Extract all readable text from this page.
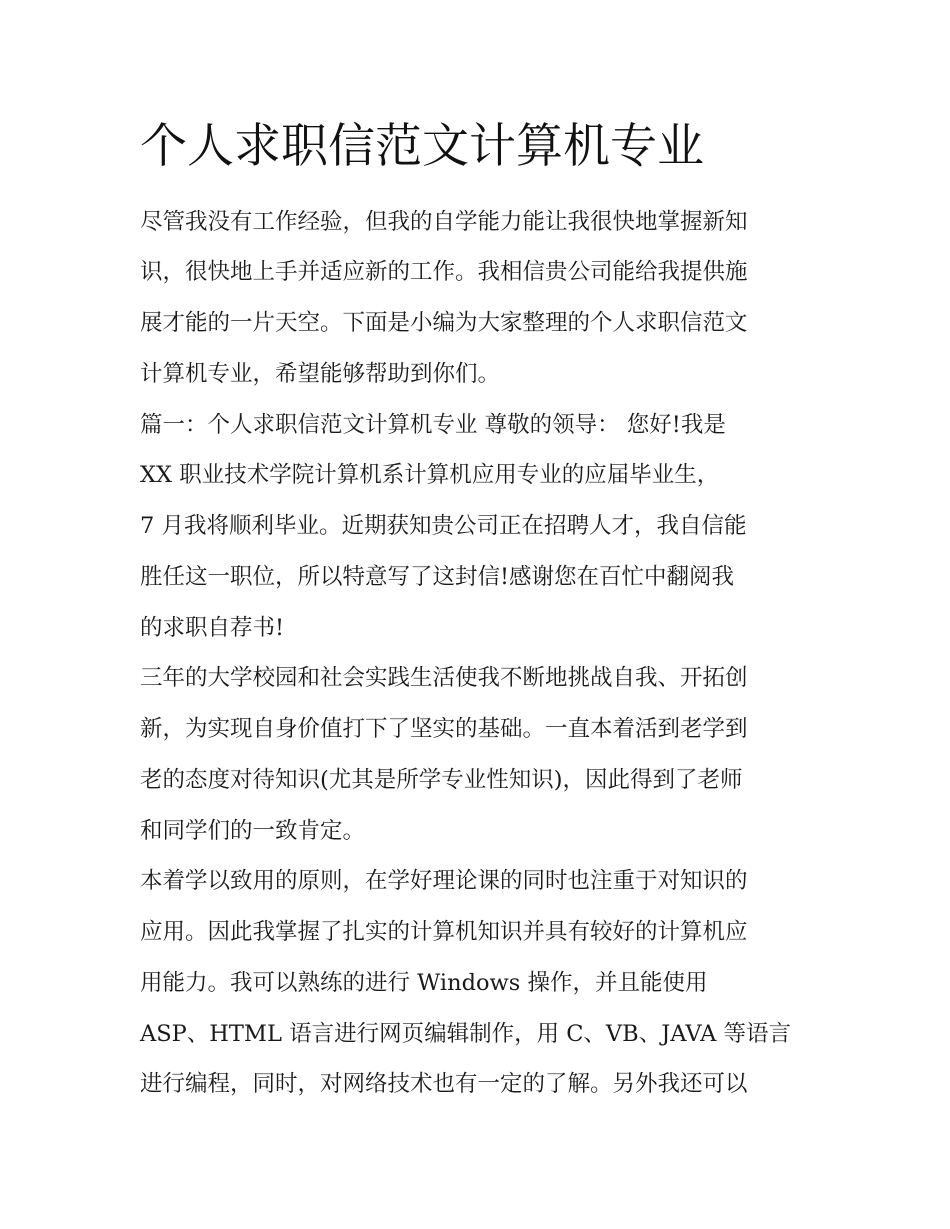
个人求职信范文计算机专业

尽管我没有工作经验，但我的自学能力能让我很快地掌握新知

识，很快地上手并适应新的工作。我相信贵公司能给我提供施

展才能的一片天空。下面是小编为大家整理的个人求职信范文

计算机专业，希望能够帮助到你们。

篇一：个人求职信范文计算机专业 尊敬的领导： 您好!我是

XX 职业技术学院计算机系计算机应用专业的应届毕业生，

7 月我将顺利毕业。近期获知贵公司正在招聘人才，我自信能

胜任这一职位，所以特意写了这封信!感谢您在百忙中翻阅我

的求职自荐书!

三年的大学校园和社会实践生活使我不断地挑战自我、开拓创

新，为实现自身价值打下了坚实的基础。一直本着活到老学到

老的态度对待知识(尤其是所学专业性知识)，因此得到了老师

和同学们的一致肯定。

本着学以致用的原则，在学好理论课的同时也注重于对知识的

应用。因此我掌握了扎实的计算机知识并具有较好的计算机应

用能力。我可以熟练的进行 Windows 操作，并且能使用

ASP、HTML 语言进行网页编辑制作，用 C、VB、JAVA 等语言

进行编程，同时，对网络技术也有一定的了解。另外我还可以
